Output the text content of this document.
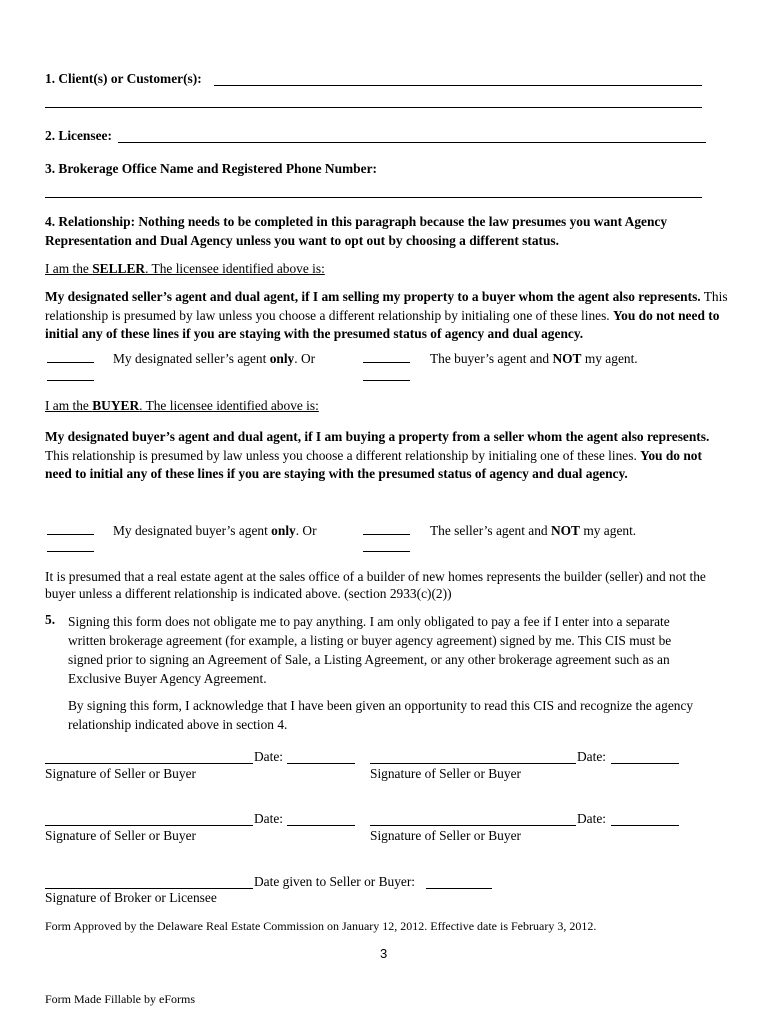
1. Client(s) or Customer(s):
2. Licensee:
3. Brokerage Office Name and Registered Phone Number:
4. Relationship: Nothing needs to be completed in this paragraph because the law presumes you want Agency Representation and Dual Agency unless you want to opt out by choosing a different status.
I am the SELLER. The licensee identified above is:
My designated seller’s agent and dual agent, if I am selling my property to a buyer whom the agent also represents. This relationship is presumed by law unless you choose a different relationship by initialing one of these lines. You do not need to initial any of these lines if you are staying with the presumed status of agency and dual agency.
My designated seller’s agent only. Or	The buyer’s agent and NOT my agent.
I am the BUYER. The licensee identified above is:
My designated buyer’s agent and dual agent, if I am buying a property from a seller whom the agent also represents. This relationship is presumed by law unless you choose a different relationship by initialing one of these lines. You do not need to initial any of these lines if you are staying with the presumed status of agency and dual agency.
My designated buyer’s agent only. Or	The seller’s agent and NOT my agent.
It is presumed that a real estate agent at the sales office of a builder of new homes represents the builder (seller) and not the buyer unless a different relationship is indicated above. (section 2933(c)(2))
5. Signing this form does not obligate me to pay anything. I am only obligated to pay a fee if I enter into a separate written brokerage agreement (for example, a listing or buyer agency agreement) signed by me. This CIS must be signed prior to signing an Agreement of Sale, a Listing Agreement, or any other brokerage agreement such as an Exclusive Buyer Agency Agreement.
By signing this form, I acknowledge that I have been given an opportunity to read this CIS and recognize the agency relationship indicated above in section 4.
Date:
Signature of Seller or Buyer
Date:
Signature of Seller or Buyer
Date:
Signature of Seller or Buyer
Date:
Signature of Seller or Buyer
Date given to Seller or Buyer:
Signature of Broker or Licensee
Form Approved by the Delaware Real Estate Commission on January 12, 2012. Effective date is February 3, 2012.
3
Form Made Fillable by eForms
